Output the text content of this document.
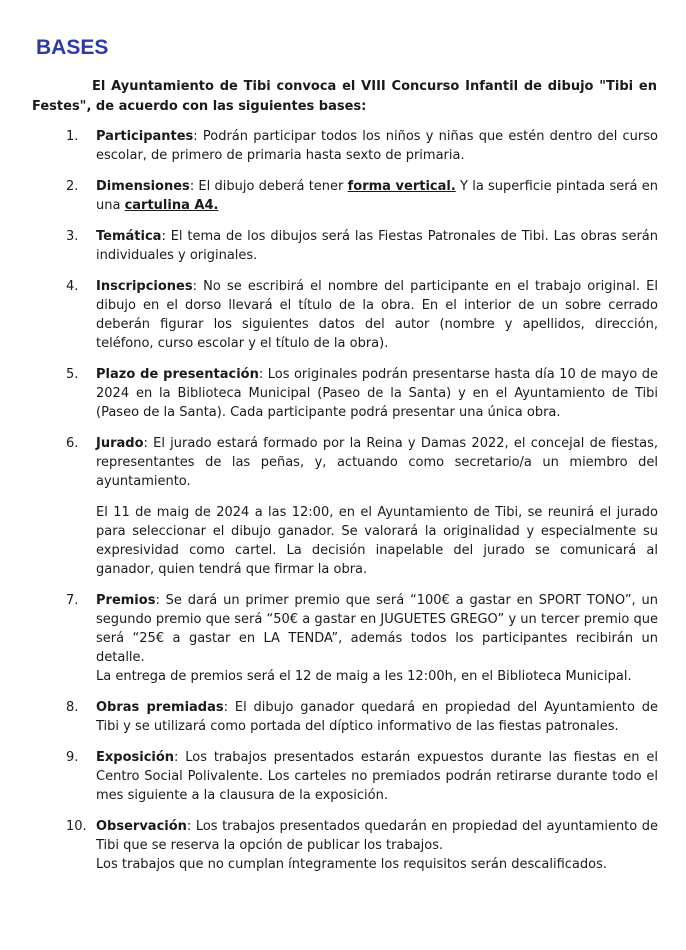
BASES

El Ayuntamiento de Tibi convoca el VIII Concurso Infantil de dibujo "Tibi en Festes", de acuerdo con las siguientes bases:

1. Participantes: Podrán participar todos los niños y niñas que estén dentro del curso escolar, de primero de primaria hasta sexto de primaria.

2. Dimensiones: El dibujo deberá tener forma vertical. Y la superficie pintada será en una cartulina A4.

3. Temática: El tema de los dibujos será las Fiestas Patronales de Tibi. Las obras serán individuales y originales.

4. Inscripciones: No se escribirá el nombre del participante en el trabajo original. El dibujo en el dorso llevará el título de la obra. En el interior de un sobre cerrado deberán figurar los siguientes datos del autor (nombre y apellidos, dirección, teléfono, curso escolar y el título de la obra).

5. Plazo de presentación: Los originales podrán presentarse hasta día 10 de mayo de 2024 en la Biblioteca Municipal (Paseo de la Santa) y en el Ayuntamiento de Tibi (Paseo de la Santa). Cada participante podrá presentar una única obra.

6. Jurado: El jurado estará formado por la Reina y Damas 2022, el concejal de fiestas, representantes de las peñas, y, actuando como secretario/a un miembro del ayuntamiento.

El 11 de maig de 2024 a las 12:00, en el Ayuntamiento de Tibi, se reunirá el jurado para seleccionar el dibujo ganador. Se valorará la originalidad y especialmente su expresividad como cartel. La decisión inapelable del jurado se comunicará al ganador, quien tendrá que firmar la obra.

7. Premios: Se dará un primer premio que será “100€ a gastar en SPORT TONO”, un segundo premio que será “50€ a gastar en JUGUETES GREGO” y un tercer premio que será “25€ a gastar en LA TENDA”, además todos los participantes recibirán un detalle.

La entrega de premios será el 12 de maig a les 12:00h, en el Biblioteca Municipal.

8. Obras premiadas: El dibujo ganador quedará en propiedad del Ayuntamiento de Tibi y se utilizará como portada del díptico informativo de las fiestas patronales.

9. Exposición: Los trabajos presentados estarán expuestos durante las fiestas en el Centro Social Polivalente. Los carteles no premiados podrán retirarse durante todo el mes siguiente a la clausura de la exposición.

10. Observación: Los trabajos presentados quedarán en propiedad del ayuntamiento de Tibi que se reserva la opción de publicar los trabajos.

Los trabajos que no cumplan íntegramente los requisitos serán descalificados.
